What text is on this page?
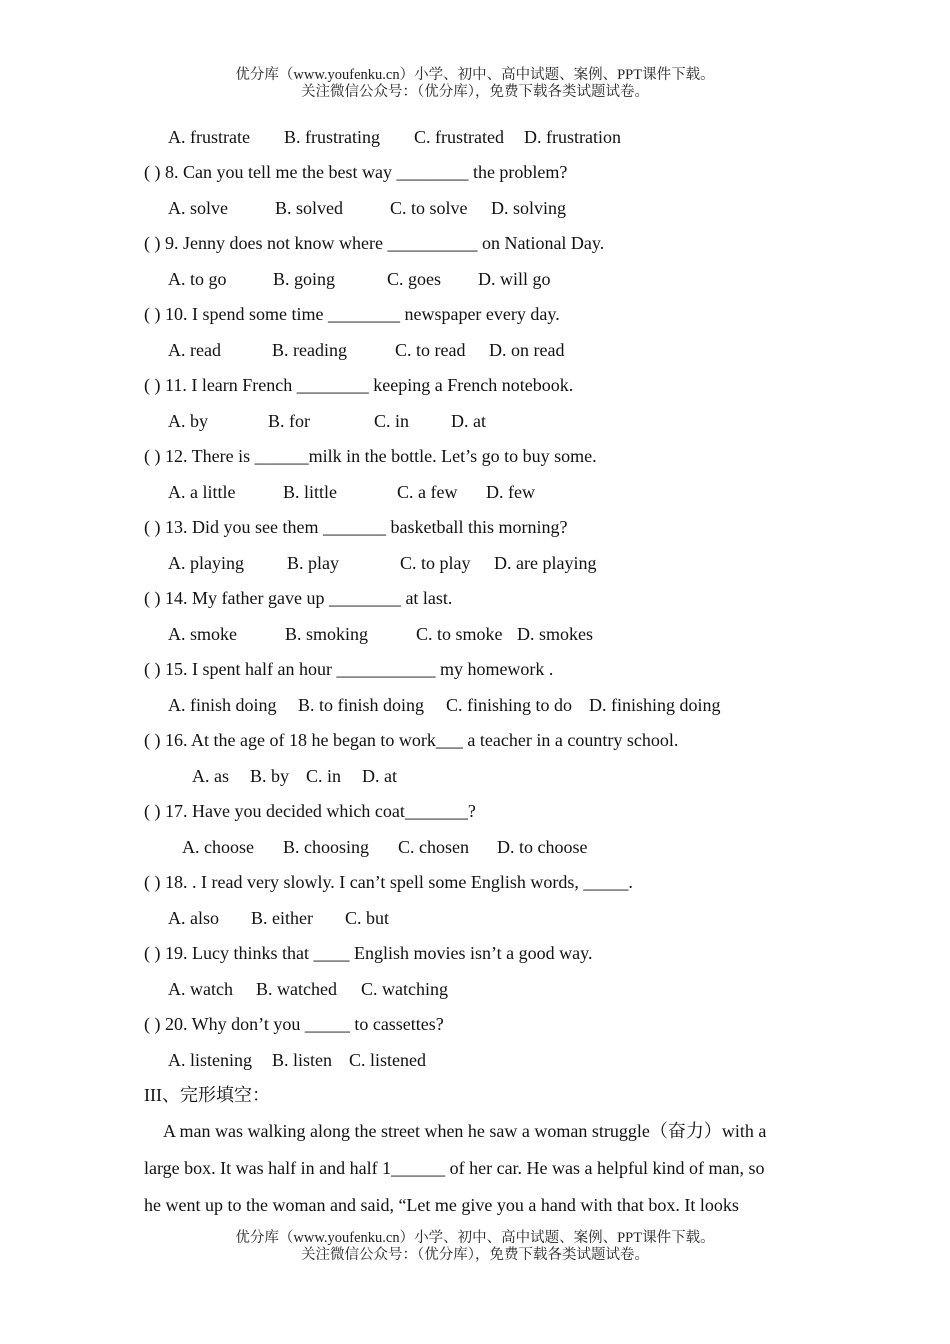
优分库（www.youfenku.cn）小学、初中、高中试题、案例、PPT课件下载。
关注微信公众号：（优分库），免费下载各类试题试卷。
A. frustrate B. frustrating C. frustrated D. frustration
( ) 8. Can you tell me the best way ________ the problem?
A. solve	B. solved	C. to solve D. solving
( ) 9. Jenny does not know where __________ on National Day.
A. to go	B. going	C. goes D. will go
( ) 10. I spend some time ________ newspaper every day.
A. read	B. reading	C. to read D. on read
( ) 11. I learn French ________ keeping a French notebook.
A. by	B. for	C. in D. at
( ) 12. There is ______milk in the bottle. Let’s go to buy some.
A. a little	B. little	C. a few D. few
( ) 13. Did you see them _______ basketball this morning?
A. playing B. play	C. to play D. are playing
( ) 14. My father gave up ________ at last.
A. smoke	B. smoking	C. to smoke D. smokes
( ) 15. I spent half an hour ___________ my homework .
A. finish doing B. to finish doing C. finishing to do D. finishing doing
( ) 16. At the age of 18 he began to work___ a teacher in a country school.
A. as B. by C. in D. at
( ) 17. Have you decided which coat_______?
A. choose B. choosing C. chosen D. to choose
( ) 18. . I read very slowly. I can’t spell some English words, _____.
A. also B. either C. but
( ) 19. Lucy thinks that ____ English movies isn’t a good way.
A. watch B. watched C. watching
( ) 20. Why don’t you _____ to cassettes?
A. listening B. listen C. listened
III、完形填空：
A man was walking along the street when he saw a woman struggle（奋力）with a
large box. It was half in and half 1______ of her car. He was a helpful kind of man, so
he went up to the woman and said, “Let me give you a hand with that box. It looks
优分库（www.youfenku.cn）小学、初中、高中试题、案例、PPT课件下载。
关注微信公众号：（优分库），免费下载各类试题试卷。
